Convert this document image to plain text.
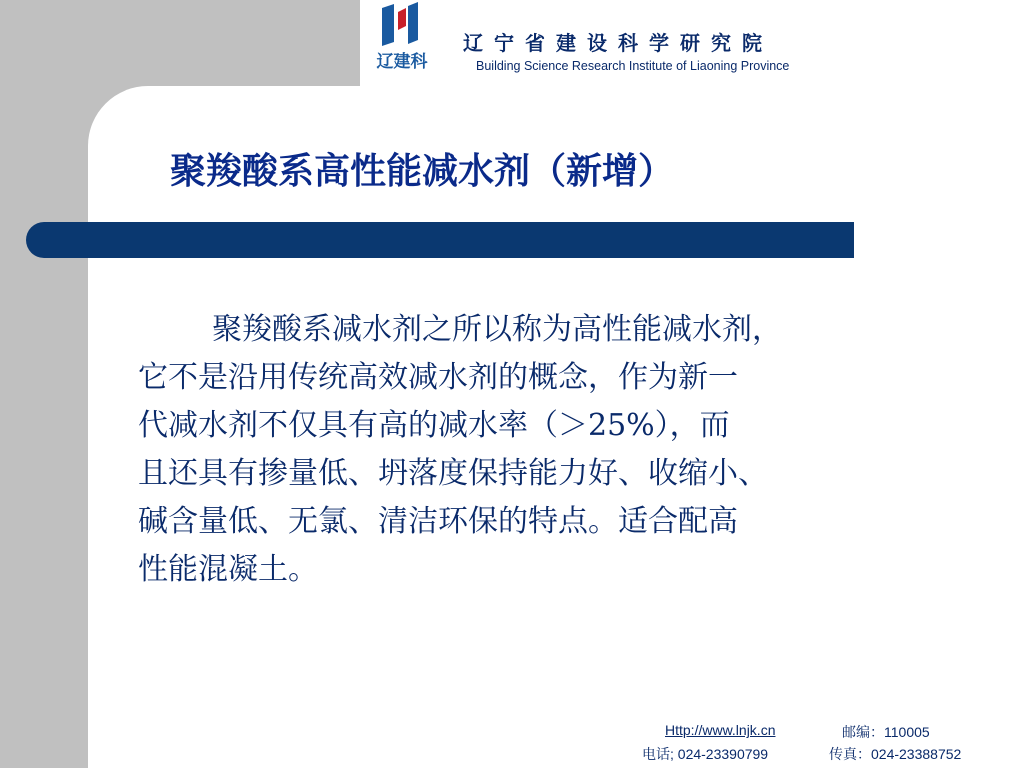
辽建科
辽宁省建设科学研究院
Building Science Research Institute of Liaoning Province
聚羧酸系高性能减水剂（新增）

聚羧酸系减水剂之所以称为高性能减水剂，

它不是沿用传统高效减水剂的概念，作为新一

代减水剂不仅具有高的减水率（＞25%），而

且还具有掺量低、坍落度保持能力好、收缩小、

碱含量低、无氯、清洁环保的特点。适合配高

性能混凝土。

Http://www.lnjk.cn	邮编：110005
电话; 024-23390799	传真：024-23388752
